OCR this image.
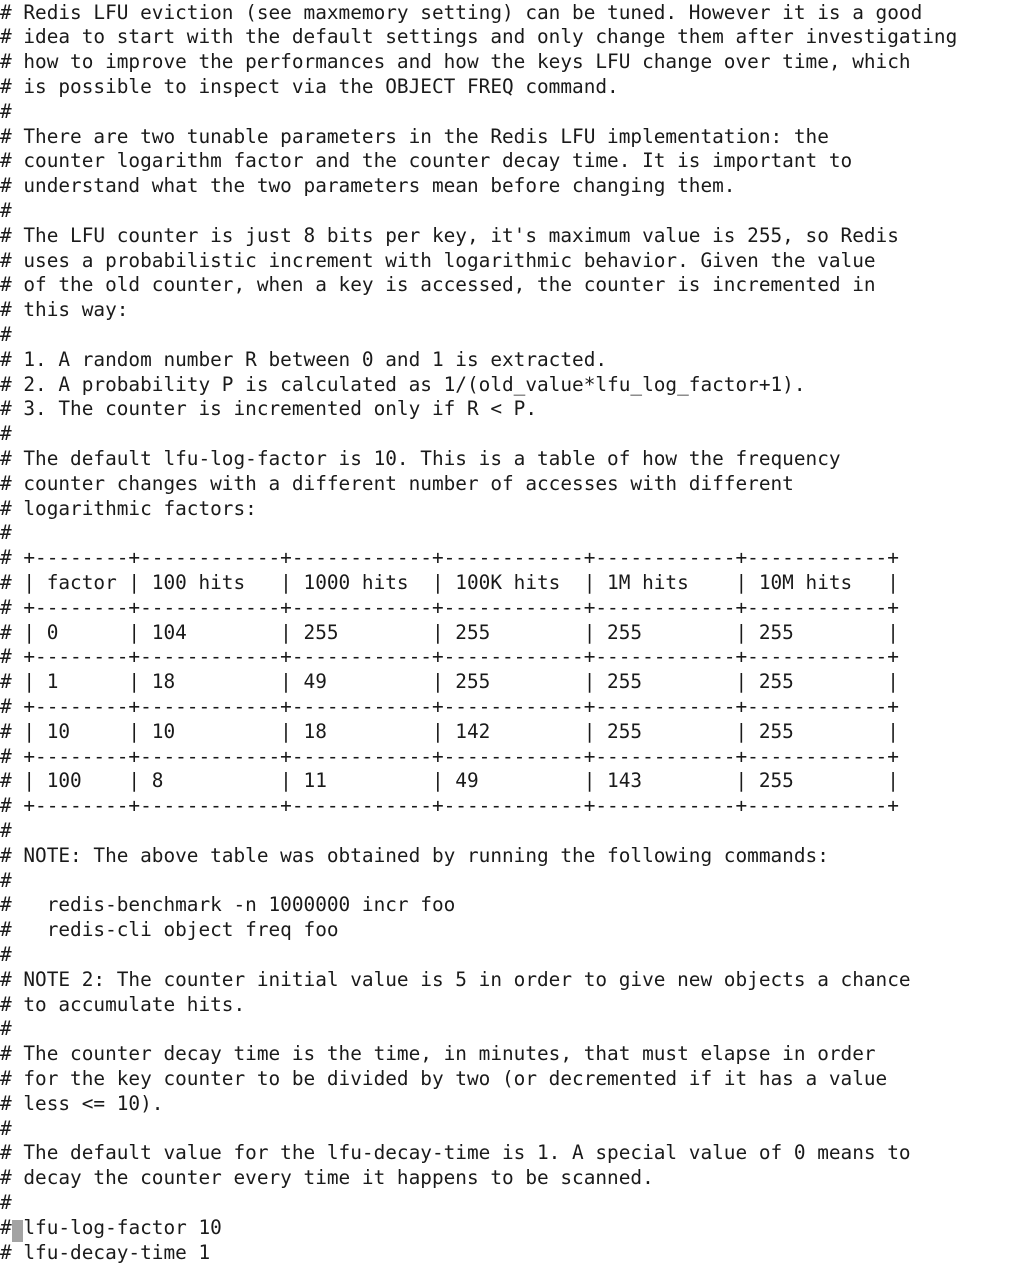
# Redis LFU eviction (see maxmemory setting) can be tuned. However it is a good
# idea to start with the default settings and only change them after investigating
# how to improve the performances and how the keys LFU change over time, which
# is possible to inspect via the OBJECT FREQ command.
#
# There are two tunable parameters in the Redis LFU implementation: the
# counter logarithm factor and the counter decay time. It is important to
# understand what the two parameters mean before changing them.
#
# The LFU counter is just 8 bits per key, it's maximum value is 255, so Redis
# uses a probabilistic increment with logarithmic behavior. Given the value
# of the old counter, when a key is accessed, the counter is incremented in
# this way:
#
# 1. A random number R between 0 and 1 is extracted.
# 2. A probability P is calculated as 1/(old_value*lfu_log_factor+1).
# 3. The counter is incremented only if R < P.
#
# The default lfu-log-factor is 10. This is a table of how the frequency
# counter changes with a different number of accesses with different
# logarithmic factors:
#
# +--------+------------+------------+------------+------------+------------+
# | factor | 100 hits   | 1000 hits  | 100K hits  | 1M hits    | 10M hits   |
# +--------+------------+------------+------------+------------+------------+
# | 0      | 104        | 255        | 255        | 255        | 255        |
# +--------+------------+------------+------------+------------+------------+
# | 1      | 18         | 49         | 255        | 255        | 255        |
# +--------+------------+------------+------------+------------+------------+
# | 10     | 10         | 18         | 142        | 255        | 255        |
# +--------+------------+------------+------------+------------+------------+
# | 100    | 8          | 11         | 49         | 143        | 255        |
# +--------+------------+------------+------------+------------+------------+
#
# NOTE: The above table was obtained by running the following commands:
#
#   redis-benchmark -n 1000000 incr foo
#   redis-cli object freq foo
#
# NOTE 2: The counter initial value is 5 in order to give new objects a chance
# to accumulate hits.
#
# The counter decay time is the time, in minutes, that must elapse in order
# for the key counter to be divided by two (or decremented if it has a value
# less <= 10).
#
# The default value for the lfu-decay-time is 1. A special value of 0 means to
# decay the counter every time it happens to be scanned.
#
# lfu-log-factor 10
# lfu-decay-time 1
